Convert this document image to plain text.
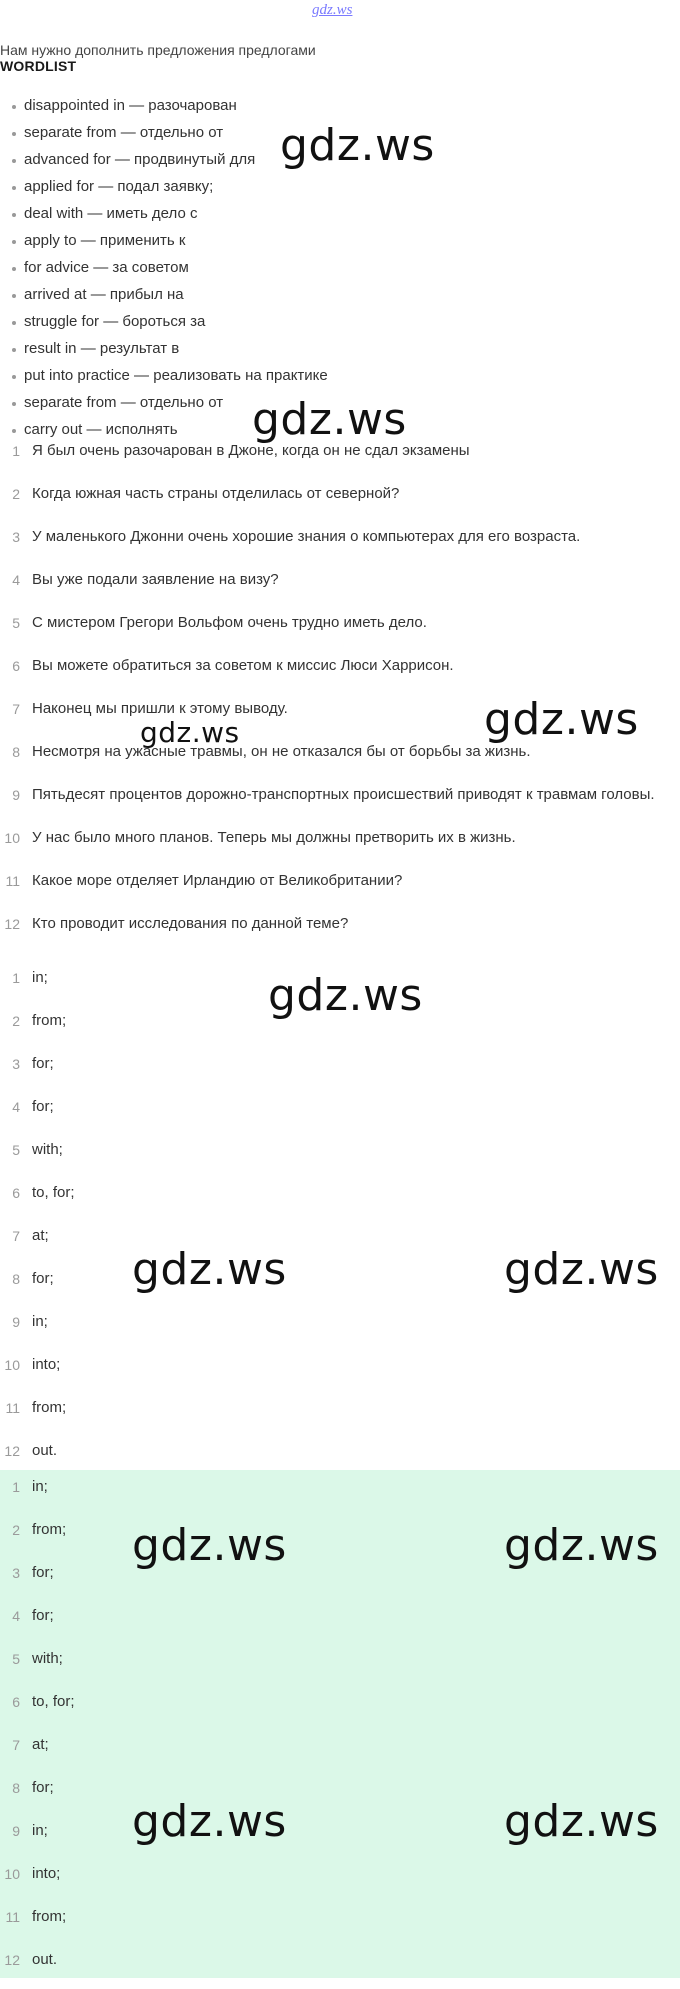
gdz.ws
Нам нужно дополнить предложения предлогами
WORDLIST
disappointed in — разочарован
separate from — отдельно от
advanced for — продвинутый для
applied for — подал заявку;
deal with — иметь дело с
apply to — применить к
for advice — за советом
arrived at — прибыл на
struggle for — бороться за
result in — результат в
put into practice — реализовать на практике
separate from — отдельно от
carry out — исполнять
1 Я был очень разочарован в Джоне, когда он не сдал экзамены
2 Когда южная часть страны отделилась от северной?
3 У маленького Джонни очень хорошие знания о компьютерах для его возраста.
4 Вы уже подали заявление на визу?
5 С мистером Грегори Вольфом очень трудно иметь дело.
6 Вы можете обратиться за советом к миссис Люси Харрисон.
7 Наконец мы пришли к этому выводу.
8 Несмотря на ужасные травмы, он не отказался бы от борьбы за жизнь.
9 Пятьдесят процентов дорожно-транспортных происшествий приводят к травмам головы.
10 У нас было много планов. Теперь мы должны претворить их в жизнь.
11 Какое море отделяет Ирландию от Великобритании?
12 Кто проводит исследования по данной теме?
1 in;
2 from;
3 for;
4 for;
5 with;
6 to, for;
7 at;
8 for;
9 in;
10 into;
11 from;
12 out.
1 in;
2 from;
3 for;
4 for;
5 with;
6 to, for;
7 at;
8 for;
9 in;
10 into;
11 from;
12 out.
gdz.ws
gdz.ws
gdz.ws	gdz.ws
gdz.ws
gdz.ws	gdz.ws
gdz.ws	gdz.ws
gdz.ws	gdz.ws
